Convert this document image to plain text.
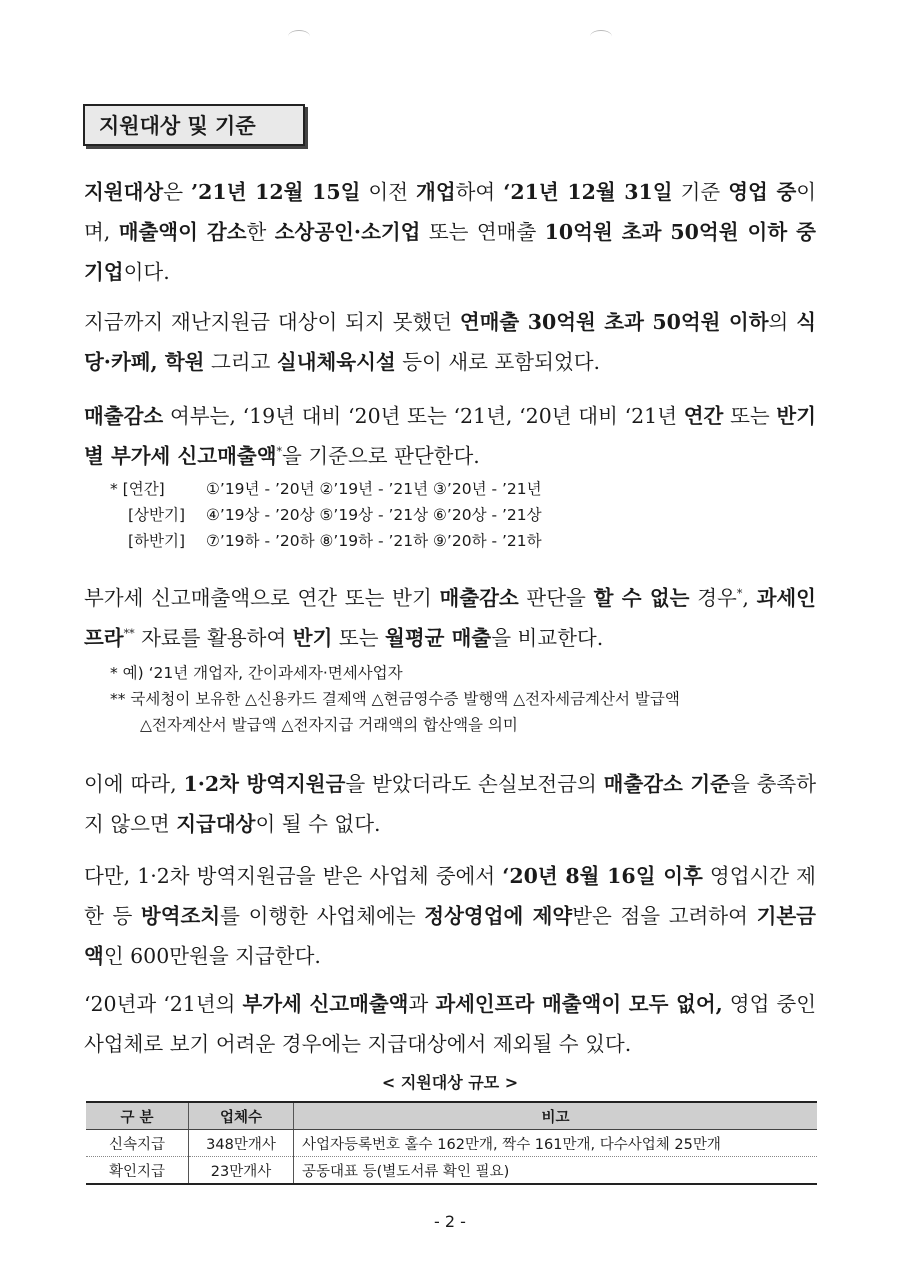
지원대상 및 기준
지원대상은 ’21년 12월 15일 이전 개업하여 ‘21년 12월 31일 기준 영업 중이며, 매출액이 감소한 소상공인·소기업 또는 연매출 10억원 초과 50억원 이하 중기업이다.
지금까지 재난지원금 대상이 되지 못했던 연매출 30억원 초과 50억원 이하의 식당·카페, 학원 그리고 실내체육시설 등이 새로 포함되었다.
매출감소 여부는, ‘19년 대비 ‘20년 또는 ‘21년, ‘20년 대비 ‘21년 연간 또는 반기별 부가세 신고매출액*을 기준으로 판단한다.
* [연간]	①’19년 - ’20년 ②’19년 - ’21년 ③’20년 - ’21년
[상반기] ④’19상 - ’20상 ⑤’19상 - ’21상 ⑥’20상 - ’21상
[하반기] ⑦’19하 - ’20하 ⑧’19하 - ’21하 ⑨’20하 - ’21하
부가세 신고매출액으로 연간 또는 반기 매출감소 판단을 할 수 없는 경우*, 과세인프라** 자료를 활용하여 반기 또는 월평균 매출을 비교한다.
* 예) ‘21년 개업자, 간이과세자·면세사업자
** 국세청이 보유한 △신용카드 결제액 △현금영수증 발행액 △전자세금계산서 발급액
△전자계산서 발급액 △전자지급 거래액의 합산액을 의미
이에 따라, 1·2차 방역지원금을 받았더라도 손실보전금의 매출감소 기준을 충족하지 않으면 지급대상이 될 수 없다.
다만, 1·2차 방역지원금을 받은 사업체 중에서 ‘20년 8월 16일 이후 영업시간 제한 등 방역조치를 이행한 사업체에는 정상영업에 제약받은 점을 고려하여 기본금액인 600만원을 지급한다.
‘20년과 ‘21년의 부가세 신고매출액과 과세인프라 매출액이 모두 없어, 영업 중인 사업체로 보기 어려운 경우에는 지급대상에서 제외될 수 있다.
< 지원대상 규모 >
구 분	업체수	비고
신속지급	348만개사	사업자등록번호 홀수 162만개, 짝수 161만개, 다수사업체 25만개
확인지급	23만개사	공동대표 등(별도서류 확인 필요)
- 2 -
